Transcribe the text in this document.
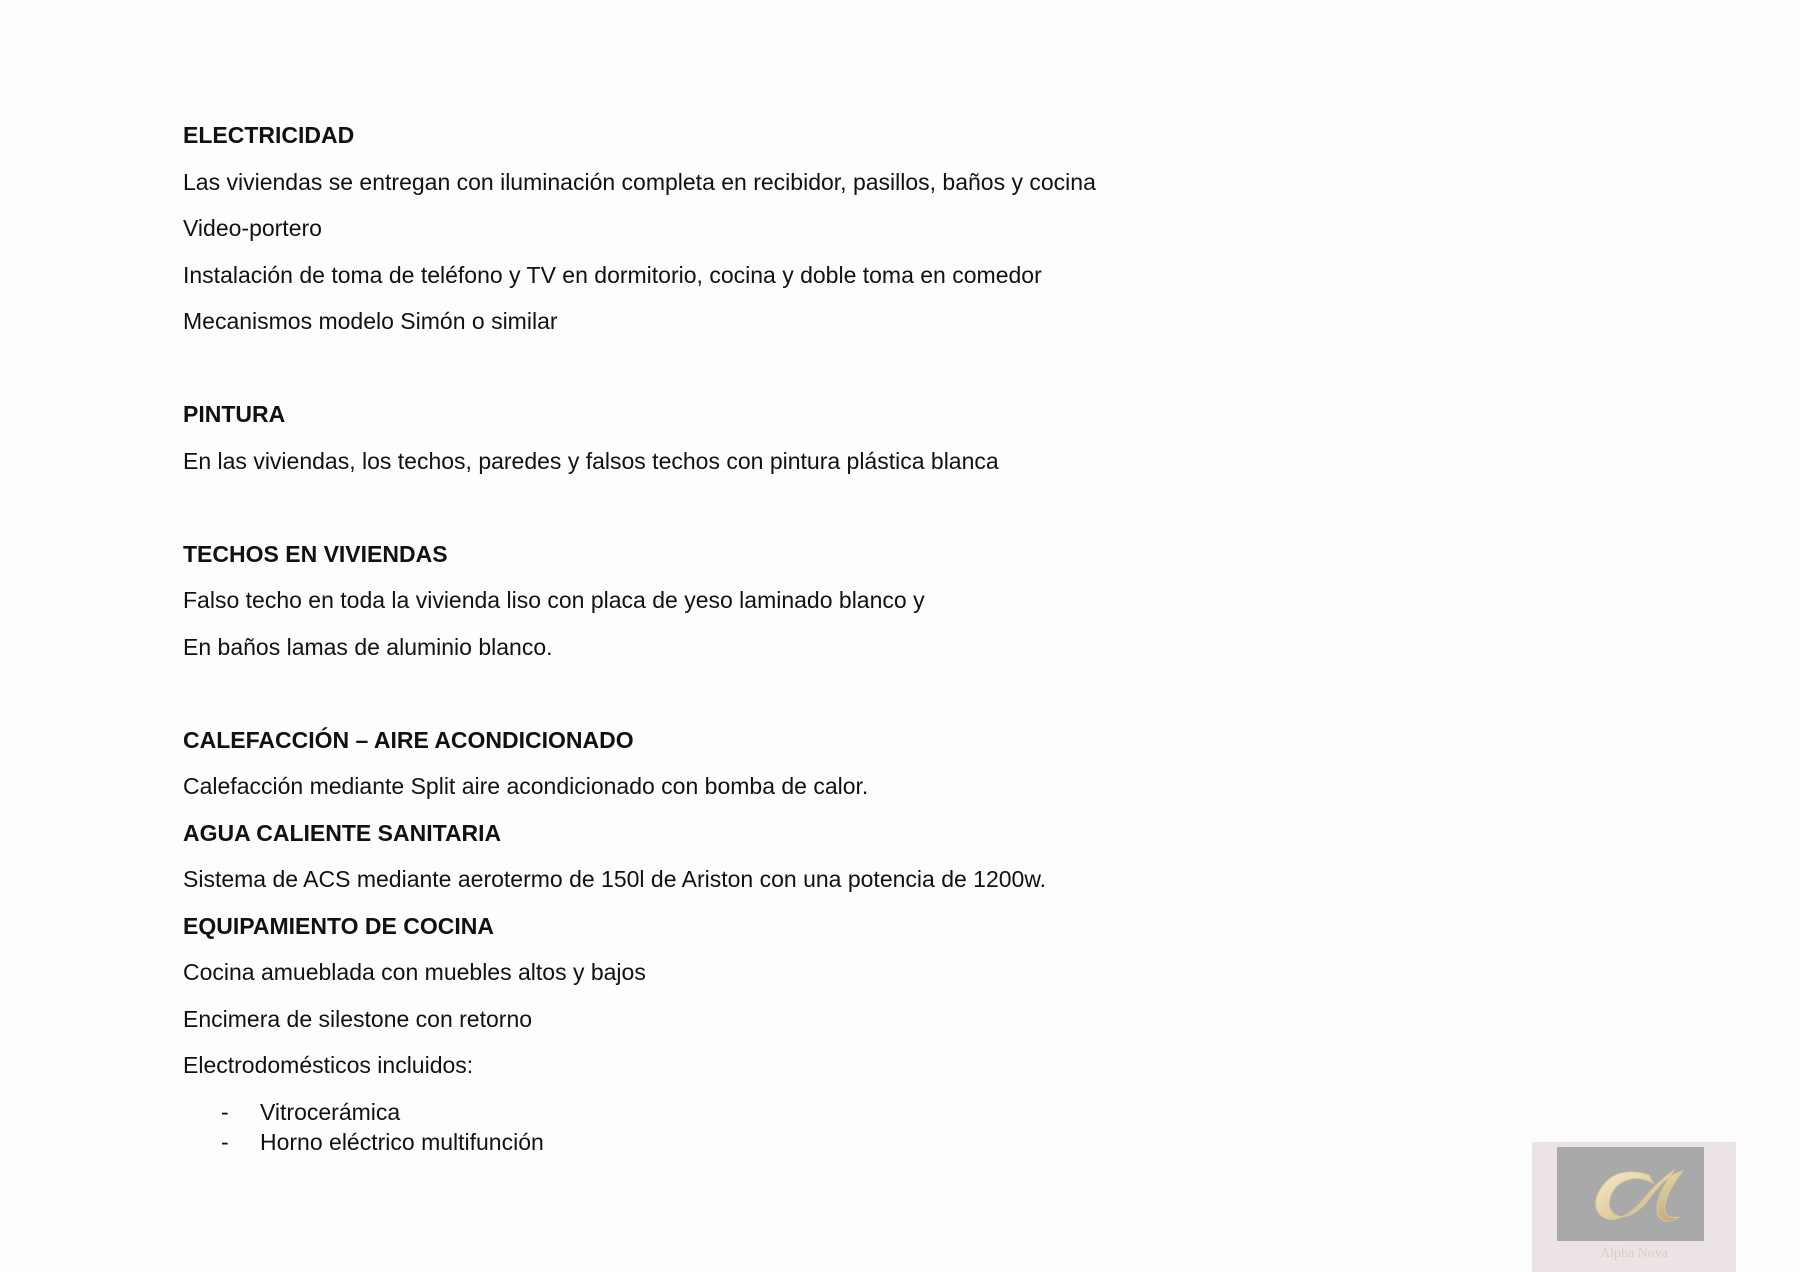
ELECTRICIDAD
Las viviendas se entregan con iluminación completa en recibidor, pasillos, baños y cocina
Video-portero
Instalación de toma de teléfono y TV en dormitorio, cocina y doble toma en comedor
Mecanismos modelo Simón o similar
PINTURA
En las viviendas, los techos, paredes y falsos techos con pintura plástica blanca
TECHOS EN VIVIENDAS
Falso techo en toda la vivienda liso con placa de yeso laminado blanco y
En baños lamas de aluminio blanco.
CALEFACCIÓN – AIRE ACONDICIONADO
Calefacción mediante Split aire acondicionado con bomba de calor.
AGUA CALIENTE SANITARIA
Sistema de ACS mediante aerotermo de 150l de Ariston con una potencia de 1200w.
EQUIPAMIENTO DE COCINA
Cocina amueblada con muebles altos y bajos
Encimera de silestone con retorno
Electrodomésticos incluidos:
- Vitrocerámica
- Horno eléctrico multifunción
Alpha Nova
